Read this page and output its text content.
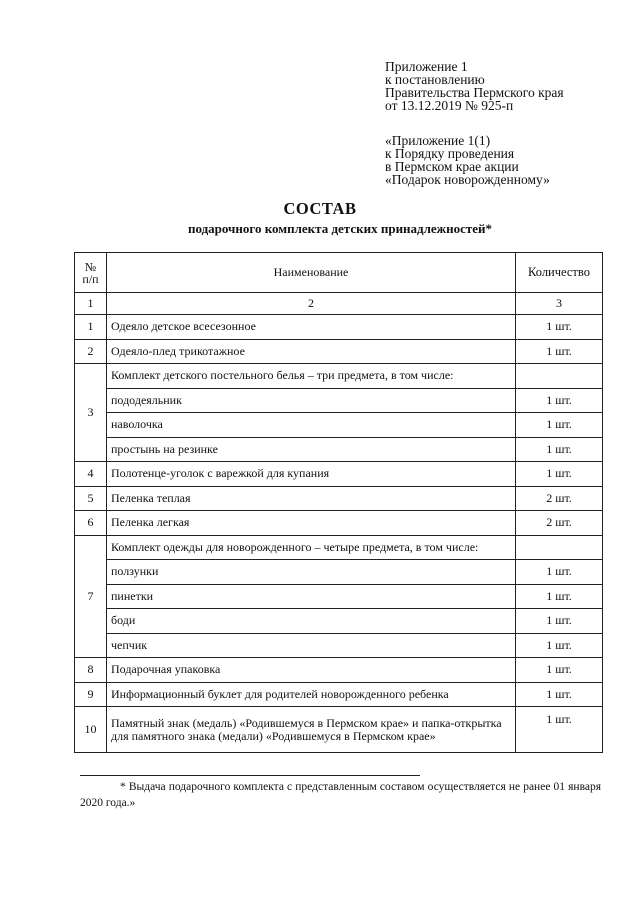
Приложение 1
к постановлению
Правительства Пермского края
от 13.12.2019 № 925-п
«Приложение 1(1)
к Порядку проведения
в Пермском крае акции
«Подарок новорожденному»
СОСТАВ
подарочного комплекта детских принадлежностей*
№ п/п	Наименование	Количество
1	2	3
1	Одеяло детское всесезонное	1 шт.
2	Одеяло-плед трикотажное	1 шт.
3	Комплект детского постельного белья – три предмета, в том числе:	
	пододеяльник	1 шт.
	наволочка	1 шт.
	простынь на резинке	1 шт.
4	Полотенце-уголок с варежкой для купания	1 шт.
5	Пеленка теплая	2 шт.
6	Пеленка легкая	2 шт.
7	Комплект одежды для новорожденного – четыре предмета, в том числе:	
	ползунки	1 шт.
	пинетки	1 шт.
	боди	1 шт.
	чепчик	1 шт.
8	Подарочная упаковка	1 шт.
9	Информационный буклет для родителей новорожденного ребенка	1 шт.
10	Памятный знак (медаль) «Родившемуся в Пермском крае» и папка-открытка для памятного знака (медали) «Родившемуся в Пермском крае»	1 шт.
* Выдача подарочного комплекта с представленным составом осуществляется не ранее 01 января 2020 года.»
